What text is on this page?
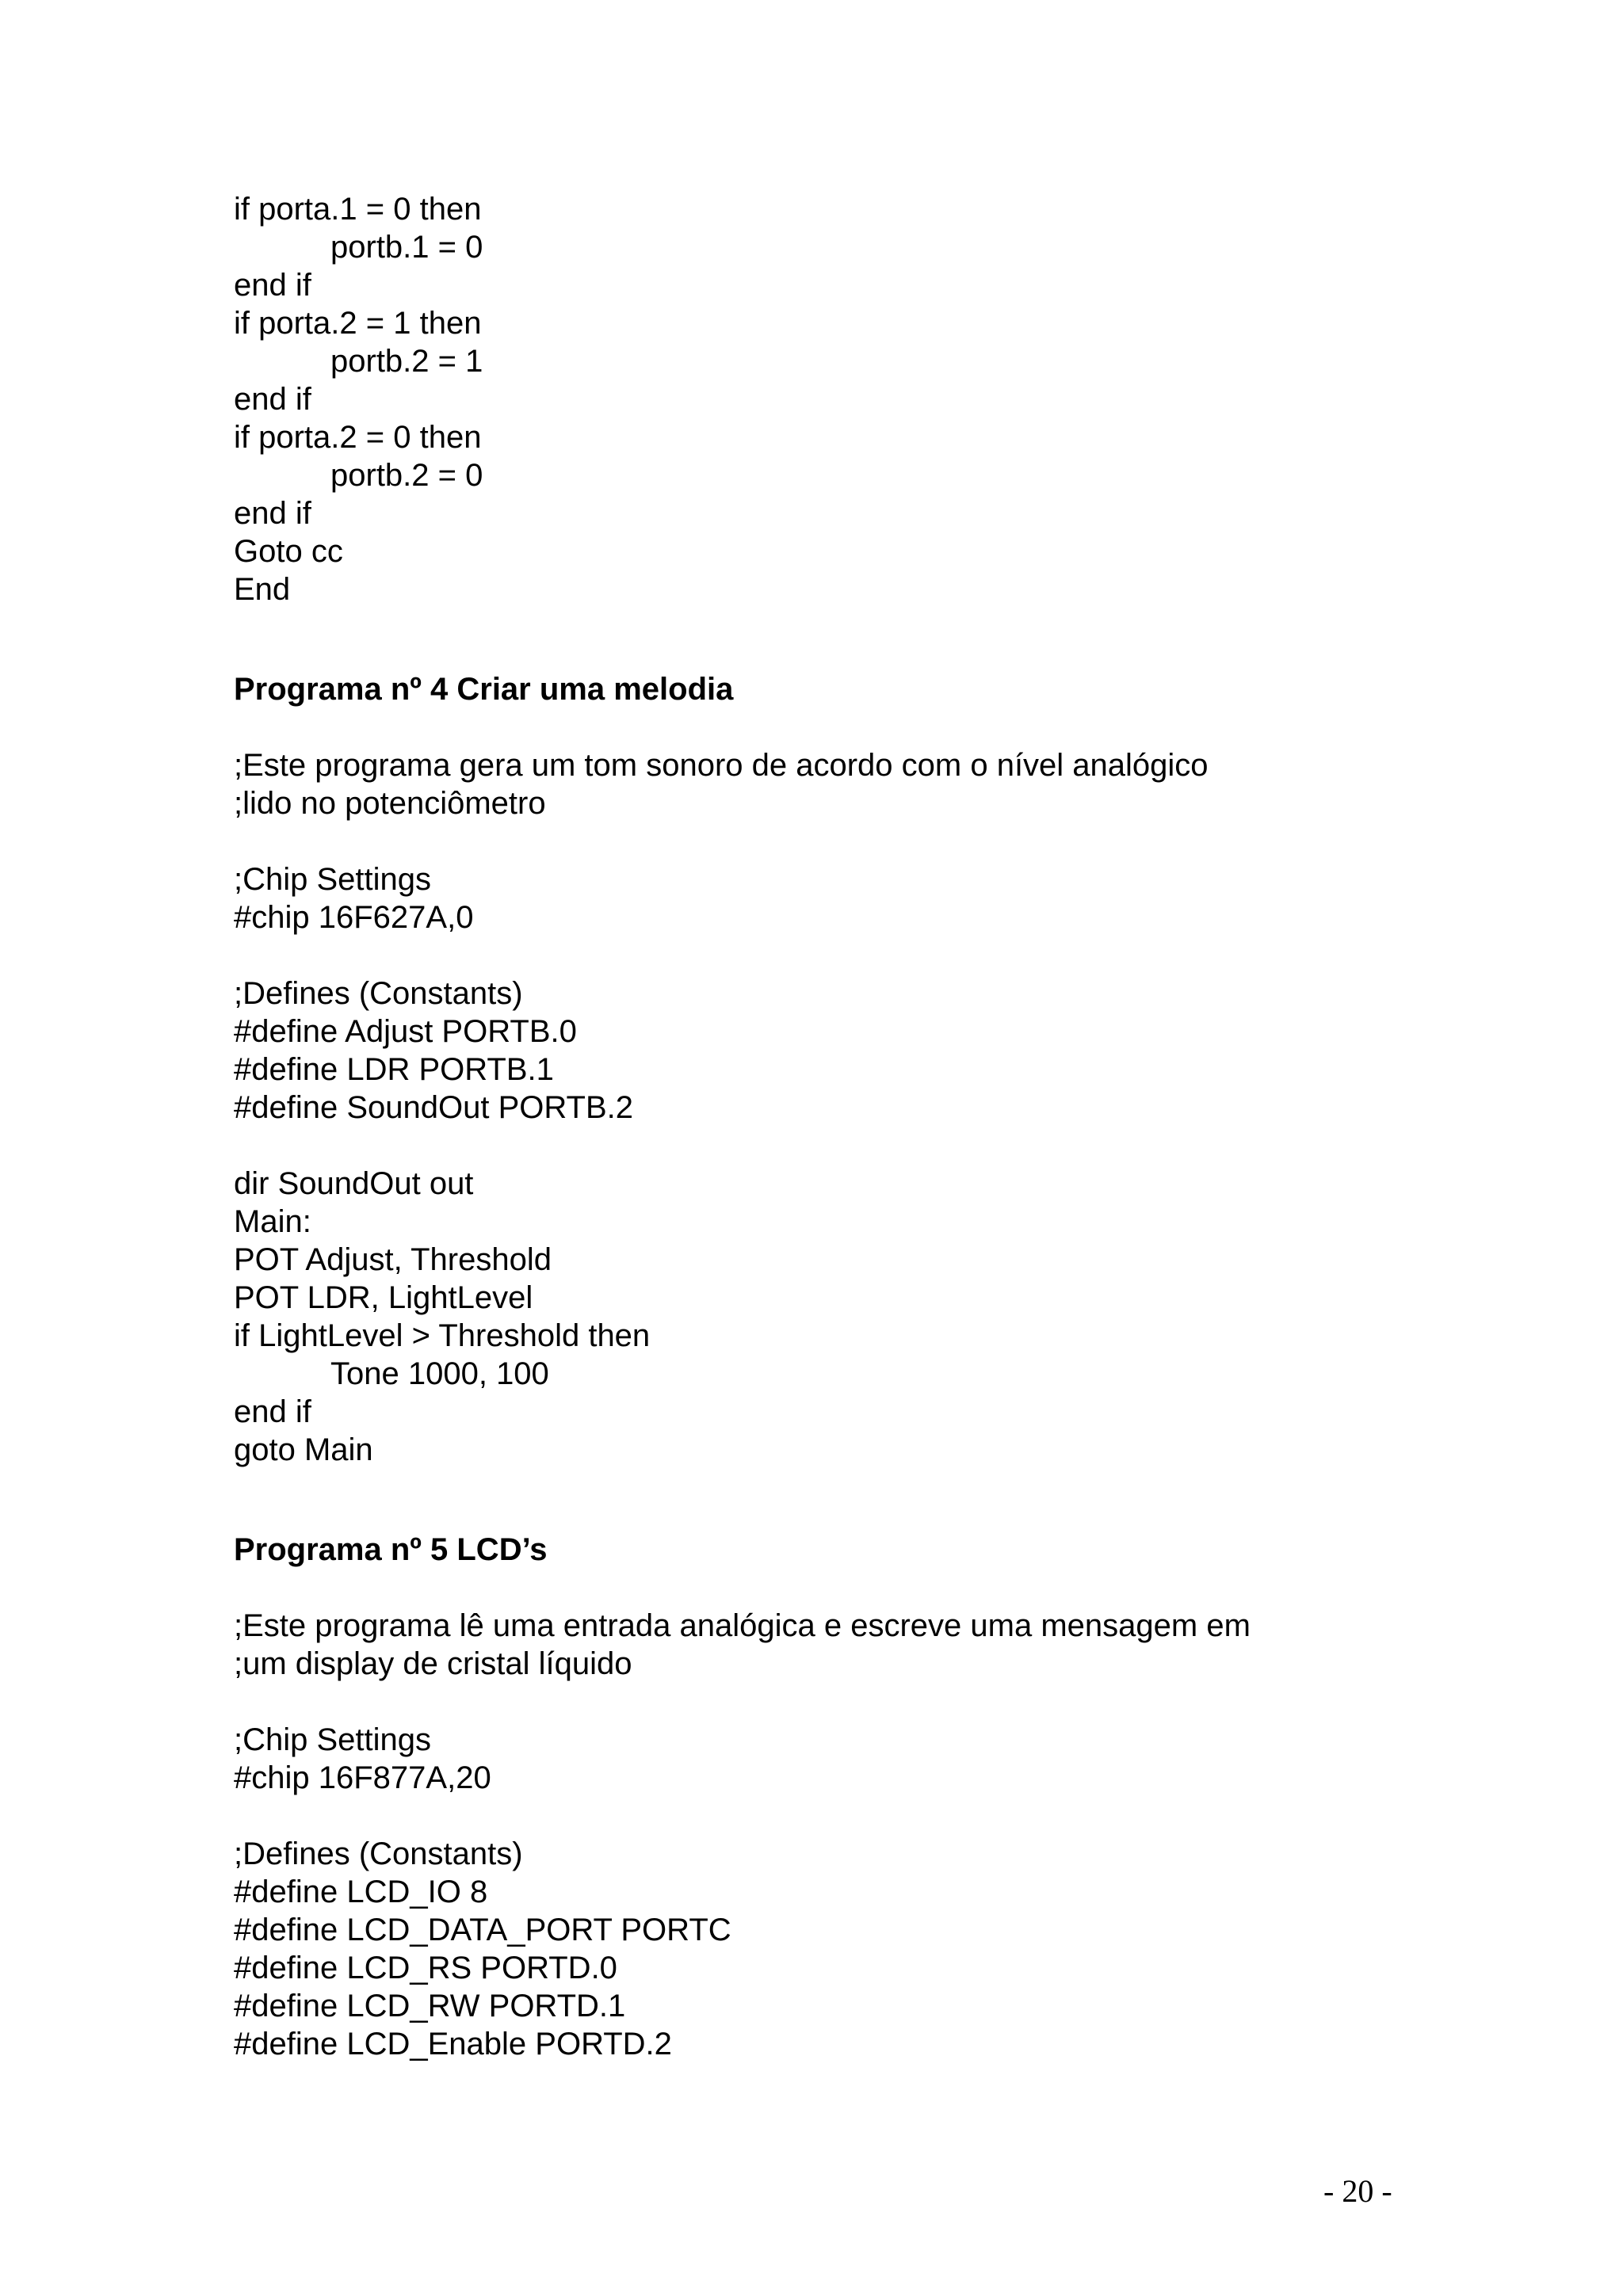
if porta.1 = 0 then
portb.1 = 0
end if
if porta.2 = 1 then
portb.2 = 1
end if
if porta.2 = 0 then
portb.2 = 0
end if
Goto cc
End
Programa nº 4 Criar uma melodia
;Este programa gera um tom sonoro de acordo com o nível analógico
;lido no potenciômetro
;Chip Settings
#chip 16F627A,0
;Defines (Constants)
#define Adjust PORTB.0
#define LDR PORTB.1
#define SoundOut PORTB.2
dir SoundOut out
Main:
POT Adjust, Threshold
POT LDR, LightLevel
if LightLevel > Threshold then
Tone 1000, 100
end if
goto Main
Programa nº 5 LCD’s
;Este programa lê uma entrada analógica e escreve uma mensagem em
;um display de cristal líquido
;Chip Settings
#chip 16F877A,20
;Defines (Constants)
#define LCD_IO 8
#define LCD_DATA_PORT PORTC
#define LCD_RS PORTD.0
#define LCD_RW PORTD.1
#define LCD_Enable PORTD.2
- 20 -
